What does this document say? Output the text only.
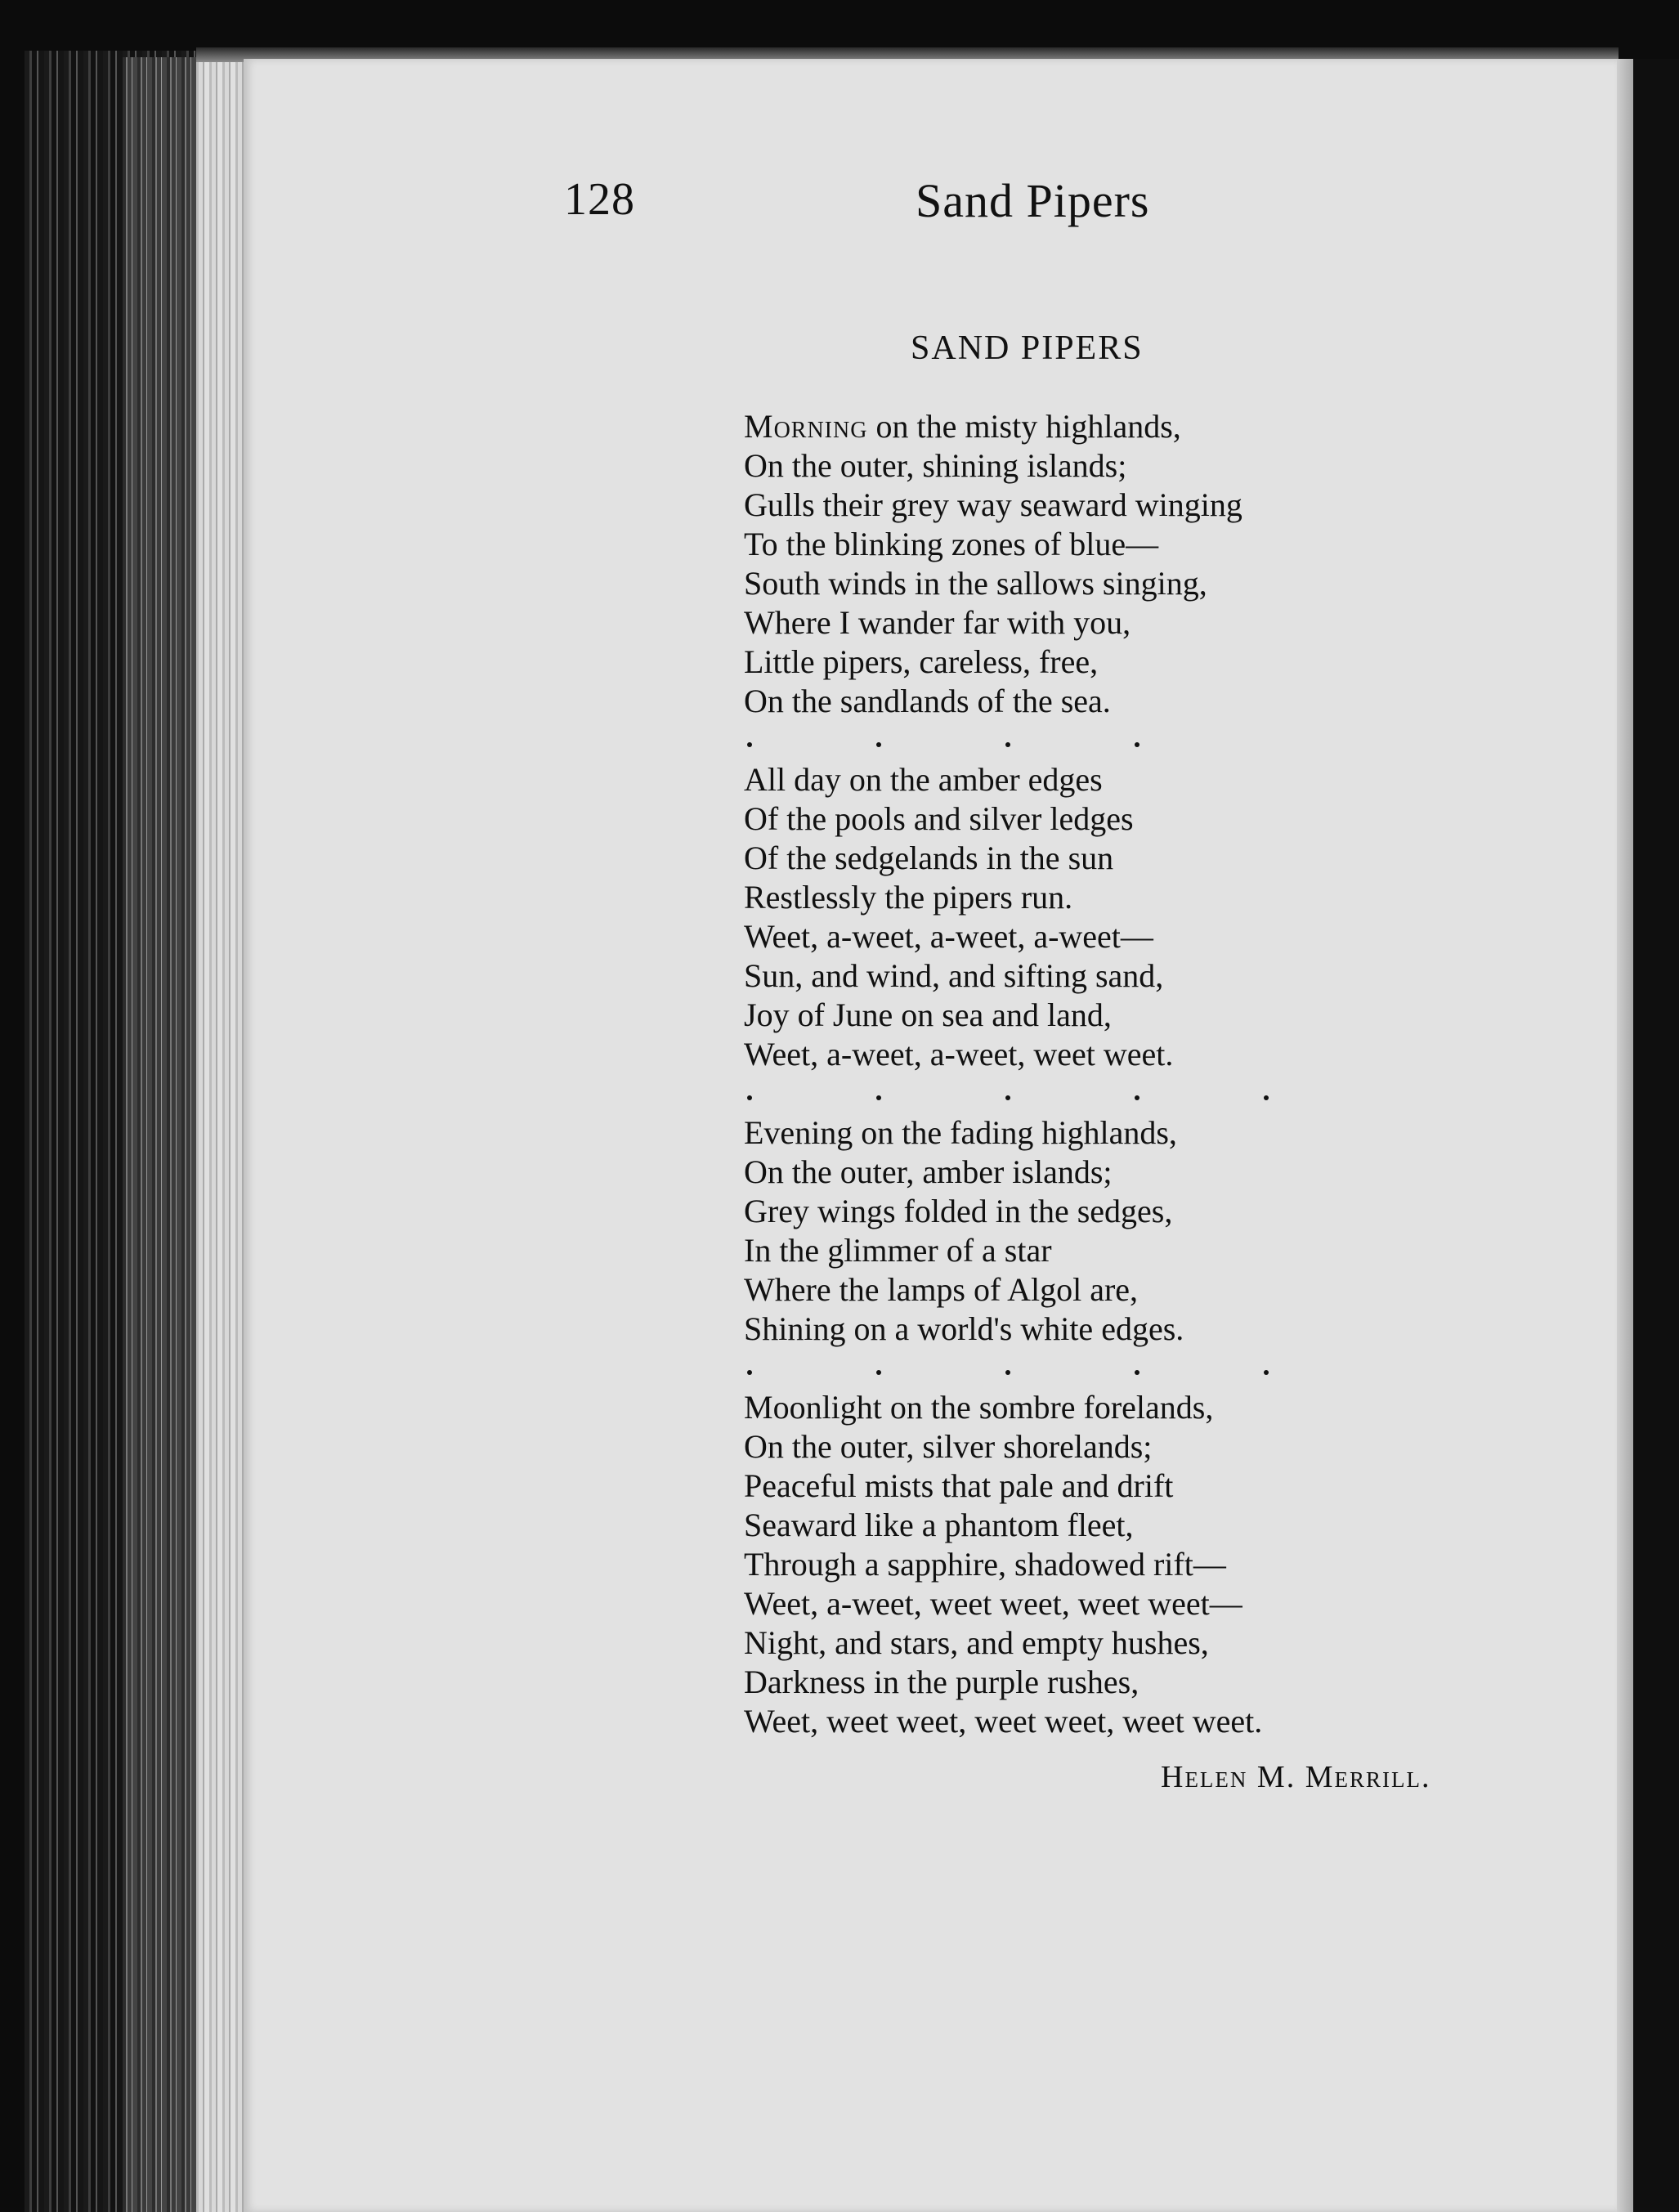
128	Sand Pipers
SAND PIPERS
Morning on the misty highlands,
On the outer, shining islands;
Gulls their grey way seaward winging
To the blinking zones of blue—
South winds in the sallows singing,
Where I wander far with you,
Little pipers, careless, free,
On the sandlands of the sea.
All day on the amber edges
Of the pools and silver ledges
Of the sedgelands in the sun
Restlessly the pipers run.
Weet, a-weet, a-weet, a-weet—
Sun, and wind, and sifting sand,
Joy of June on sea and land,
Weet, a-weet, a-weet, weet weet.
Evening on the fading highlands,
On the outer, amber islands;
Grey wings folded in the sedges,
In the glimmer of a star
Where the lamps of Algol are,
Shining on a world's white edges.
Moonlight on the sombre forelands,
On the outer, silver shorelands;
Peaceful mists that pale and drift
Seaward like a phantom fleet,
Through a sapphire, shadowed rift—
Weet, a-weet, weet weet, weet weet—
Night, and stars, and empty hushes,
Darkness in the purple rushes,
Weet, weet weet, weet weet, weet weet.
Helen M. Merrill.
